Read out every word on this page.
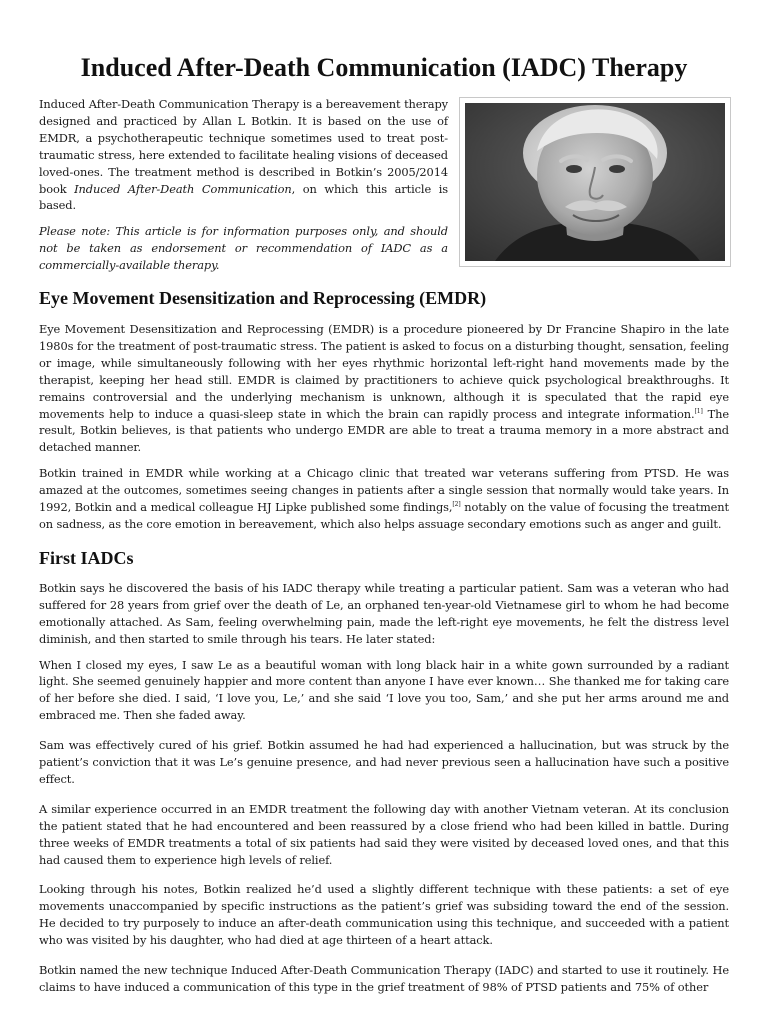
Induced After-Death Communication (IADC) Therapy

Induced After-Death Communication Therapy is a bereavement therapy designed and practiced by Allan L Botkin. It is based on the use of EMDR, a psychotherapeutic technique sometimes used to treat post-traumatic stress, here extended to facilitate healing visions of deceased loved-ones. The treatment method is described in Botkin’s 2005/2014 book Induced After-Death Communication, on which this article is based.

Please note: This article is for information purposes only, and should not be taken as endorsement or recommendation of IADC as a commercially-available therapy.

Eye Movement Desensitization and Reprocessing (EMDR)

Eye Movement Desensitization and Reprocessing (EMDR) is a procedure pioneered by Dr Francine Shapiro in the late 1980s for the treatment of post-traumatic stress. The patient is asked to focus on a disturbing thought, sensation, feeling or image, while simultaneously following with her eyes rhythmic horizontal left-right hand movements made by the therapist, keeping her head still. EMDR is claimed by practitioners to achieve quick psychological breakthroughs. It remains controversial and the underlying mechanism is unknown, although it is speculated that the rapid eye movements help to induce a quasi-sleep state in which the brain can rapidly process and integrate information.[1] The result, Botkin believes, is that patients who undergo EMDR are able to treat a trauma memory in a more abstract and detached manner.

Botkin trained in EMDR while working at a Chicago clinic that treated war veterans suffering from PTSD. He was amazed at the outcomes, sometimes seeing changes in patients after a single session that normally would take years. In 1992, Botkin and a medical colleague HJ Lipke published some findings,[2] notably on the value of focusing the treatment on sadness, as the core emotion in bereavement, which also helps assuage secondary emotions such as anger and guilt.

First IADCs

Botkin says he discovered the basis of his IADC therapy while treating a particular patient. Sam was a veteran who had suffered for 28 years from grief over the death of Le, an orphaned ten-year-old Vietnamese girl to whom he had become emotionally attached. As Sam, feeling overwhelming pain, made the left-right eye movements, he felt the distress level diminish, and then started to smile through his tears. He later stated:

When I closed my eyes, I saw Le as a beautiful woman with long black hair in a white gown surrounded by a radiant light. She seemed genuinely happier and more content than anyone I have ever known… She thanked me for taking care of her before she died. I said, ‘I love you, Le,’ and she said ‘I love you too, Sam,’ and she put her arms around me and embraced me. Then she faded away.

Sam was effectively cured of his grief. Botkin assumed he had had experienced a hallucination, but was struck by the patient’s conviction that it was Le’s genuine presence, and had never previous seen a hallucination have such a positive effect.

A similar experience occurred in an EMDR treatment the following day with another Vietnam veteran. At its conclusion the patient stated that he had encountered and been reassured by a close friend who had been killed in battle. During three weeks of EMDR treatments a total of six patients had said they were visited by deceased loved ones, and that this had caused them to experience high levels of relief.

Looking through his notes, Botkin realized he’d used a slightly different technique with these patients: a set of eye movements unaccompanied by specific instructions as the patient’s grief was subsiding toward the end of the session. He decided to try purposely to induce an after-death communication using this technique, and succeeded with a patient who was visited by his daughter, who had died at age thirteen of a heart attack.

Botkin named the new technique Induced After-Death Communication Therapy (IADC) and started to use it routinely. He claims to have induced a communication of this type in the grief treatment of 98% of PTSD patients and 75% of other
